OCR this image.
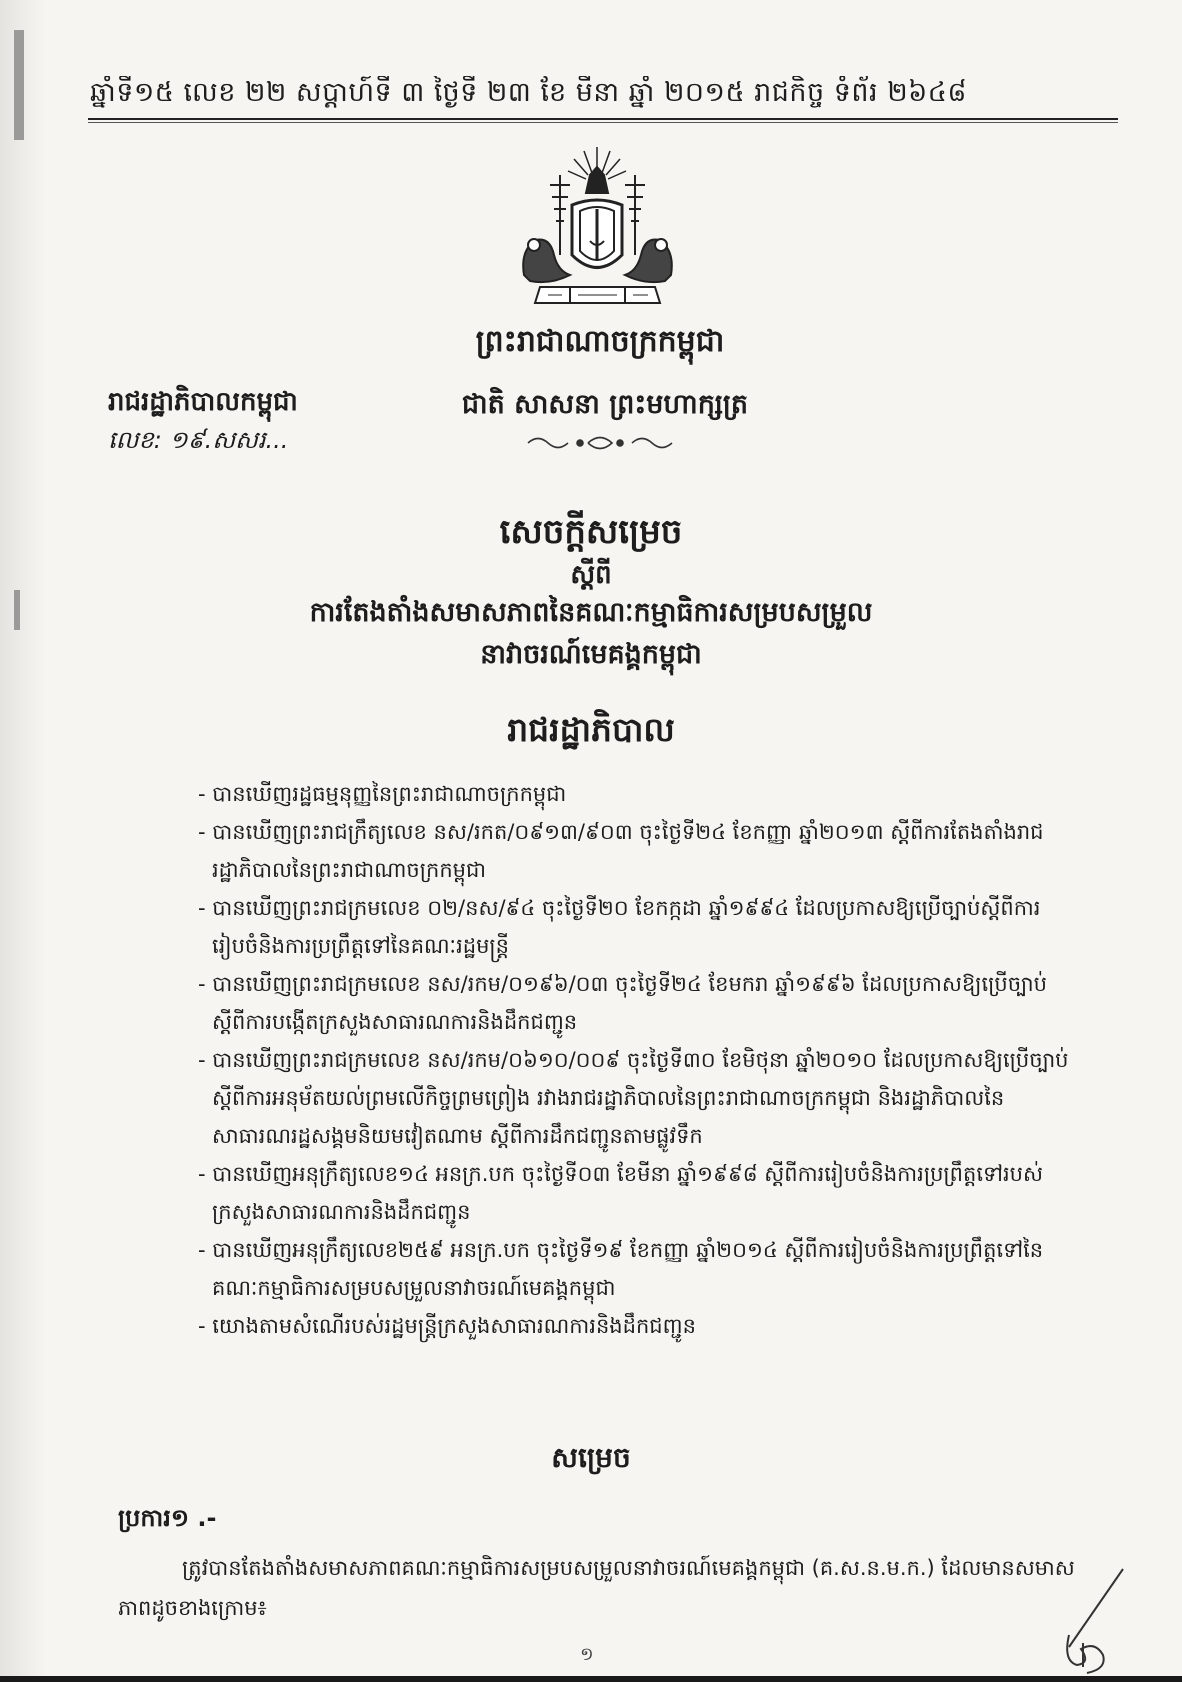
ឆ្នាំទី១៥ លេខ ២២ សប្តាហ៍ទី ៣ ថ្ងៃទី ២៣ ខែ មីនា ឆ្នាំ ២០១៥ រាជកិច្ច ទំព័រ ២៦៤៨
ព្រះរាជាណាចក្រកម្ពុជា
ជាតិ សាសនា ព្រះមហាក្សត្រ
រាជរដ្ឋាភិបាលកម្ពុជា
លេខ: ១៩.សសរ...
សេចក្តីសម្រេច
ស្តីពី
ការតែងតាំងសមាសភាពនៃគណៈកម្មាធិការសម្របសម្រួល
នាវាចរណ៍មេគង្គកម្ពុជា
រាជរដ្ឋាភិបាល
- បានឃើញរដ្ឋធម្មនុញ្ញនៃព្រះរាជាណាចក្រកម្ពុជា
- បានឃើញព្រះរាជក្រឹត្យលេខ នស/រកត/០៩១៣/៩០៣ ចុះថ្ងៃទី២៤ ខែកញ្ញា ឆ្នាំ២០១៣ ស្តីពីការតែងតាំងរាជរដ្ឋាភិបាលនៃព្រះរាជាណាចក្រកម្ពុជា
- បានឃើញព្រះរាជក្រមលេខ ០២/នស/៩៤ ចុះថ្ងៃទី២០ ខែកក្កដា ឆ្នាំ១៩៩៤ ដែលប្រកាសឱ្យប្រើច្បាប់ស្តីពីការរៀបចំនិងការប្រព្រឹត្តទៅនៃគណៈរដ្ឋមន្ត្រី
- បានឃើញព្រះរាជក្រមលេខ នស/រកម/០១៩៦/០៣ ចុះថ្ងៃទី២៤ ខែមករា ឆ្នាំ១៩៩៦ ដែលប្រកាសឱ្យប្រើច្បាប់ស្តីពីការបង្កើតក្រសួងសាធារណការនិងដឹកជញ្ជូន
- បានឃើញព្រះរាជក្រមលេខ នស/រកម/០៦១០/០០៩ ចុះថ្ងៃទី៣០ ខែមិថុនា ឆ្នាំ២០១០ ដែលប្រកាសឱ្យប្រើច្បាប់ស្តីពីការអនុម័តយល់ព្រមលើកិច្ចព្រមព្រៀង រវាងរាជរដ្ឋាភិបាលនៃព្រះរាជាណាចក្រកម្ពុជា និងរដ្ឋាភិបាលនៃសាធារណរដ្ឋសង្គមនិយមវៀតណាម ស្តីពីការដឹកជញ្ជូនតាមផ្លូវទឹក
- បានឃើញអនុក្រឹត្យលេខ១៤ អនក្រ.បក ចុះថ្ងៃទី០៣ ខែមីនា ឆ្នាំ១៩៩៨ ស្តីពីការរៀបចំនិងការប្រព្រឹត្តទៅរបស់ក្រសួងសាធារណការនិងដឹកជញ្ជូន
- បានឃើញអនុក្រឹត្យលេខ២៥៩ អនក្រ.បក ចុះថ្ងៃទី១៩ ខែកញ្ញា ឆ្នាំ២០១៤ ស្តីពីការរៀបចំនិងការប្រព្រឹត្តទៅនៃគណៈកម្មាធិការសម្របសម្រួលនាវាចរណ៍មេគង្គកម្ពុជា
- យោងតាមសំណើរបស់រដ្ឋមន្ត្រីក្រសួងសាធារណការនិងដឹកជញ្ជូន
សម្រេច
ប្រការ១ .-
ត្រូវបានតែងតាំងសមាសភាពគណៈកម្មាធិការសម្របសម្រួលនាវាចរណ៍មេគង្គកម្ពុជា (គ.ស.ន.ម.ក.) ដែលមានសមាសភាពដូចខាងក្រោម៖
១
